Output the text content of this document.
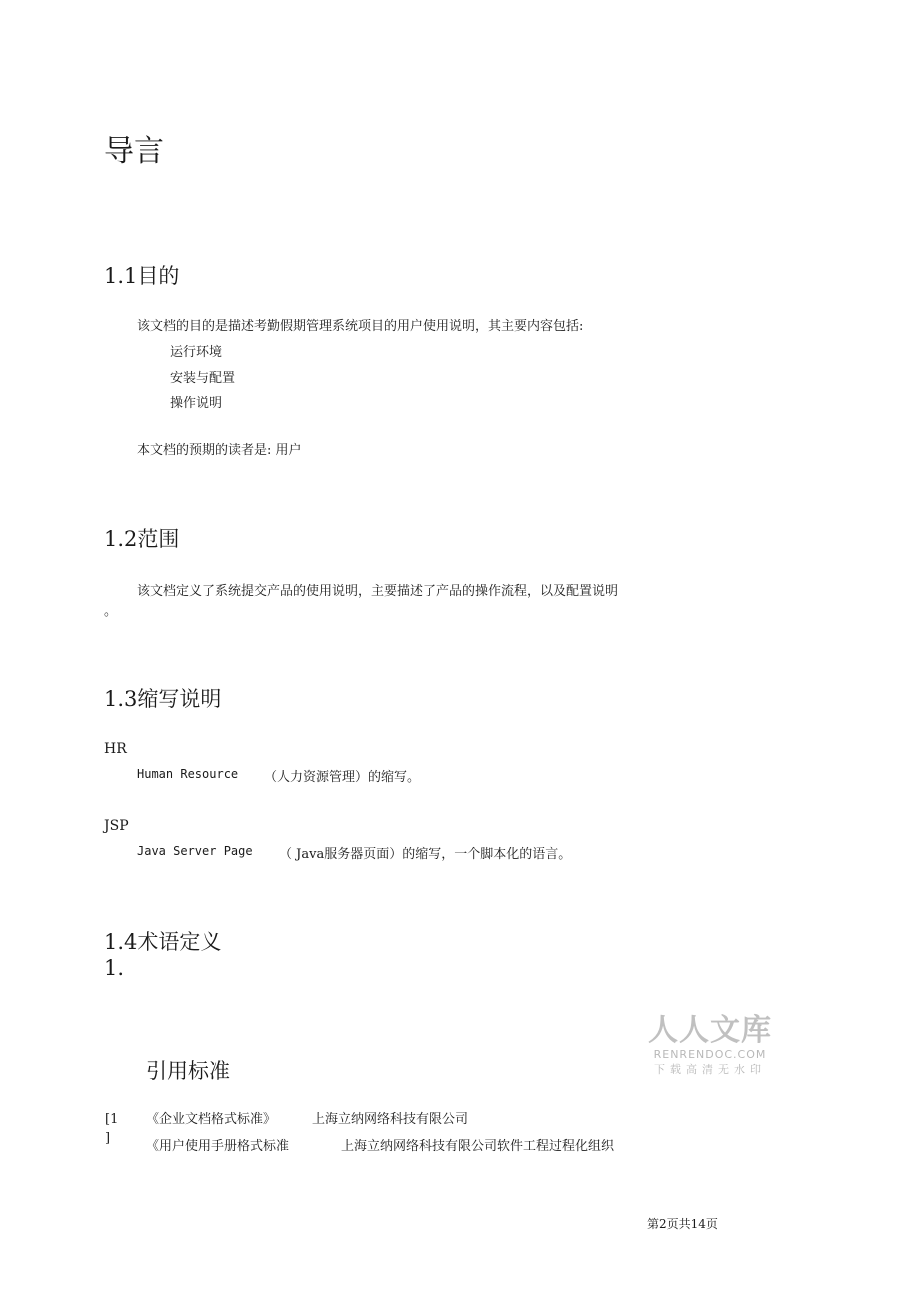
导言
1.1目的
该文档的目的是描述考勤假期管理系统项目的用户使用说明，其主要内容包括:
运行环境
安装与配置
操作说明
本文档的预期的读者是: 用户
1.2范围
该文档定义了系统提交产品的使用说明，主要描述了产品的操作流程，以及配置说明
。
1.3缩写说明
HR
Human Resource （人力资源管理）的缩写。
JSP
Java Server Page （ Java服务器页面）的缩写，一个脚本化的语言。
1.4术语定义
1.
引用标准
[1
]
《企业文档格式标准》	上海立纳网络科技有限公司
《用户使用手册格式标准	上海立纳网络科技有限公司软件工程过程化组织
人人文库
RENRENDOC.COM
下载高清无水印
第2页共14页
